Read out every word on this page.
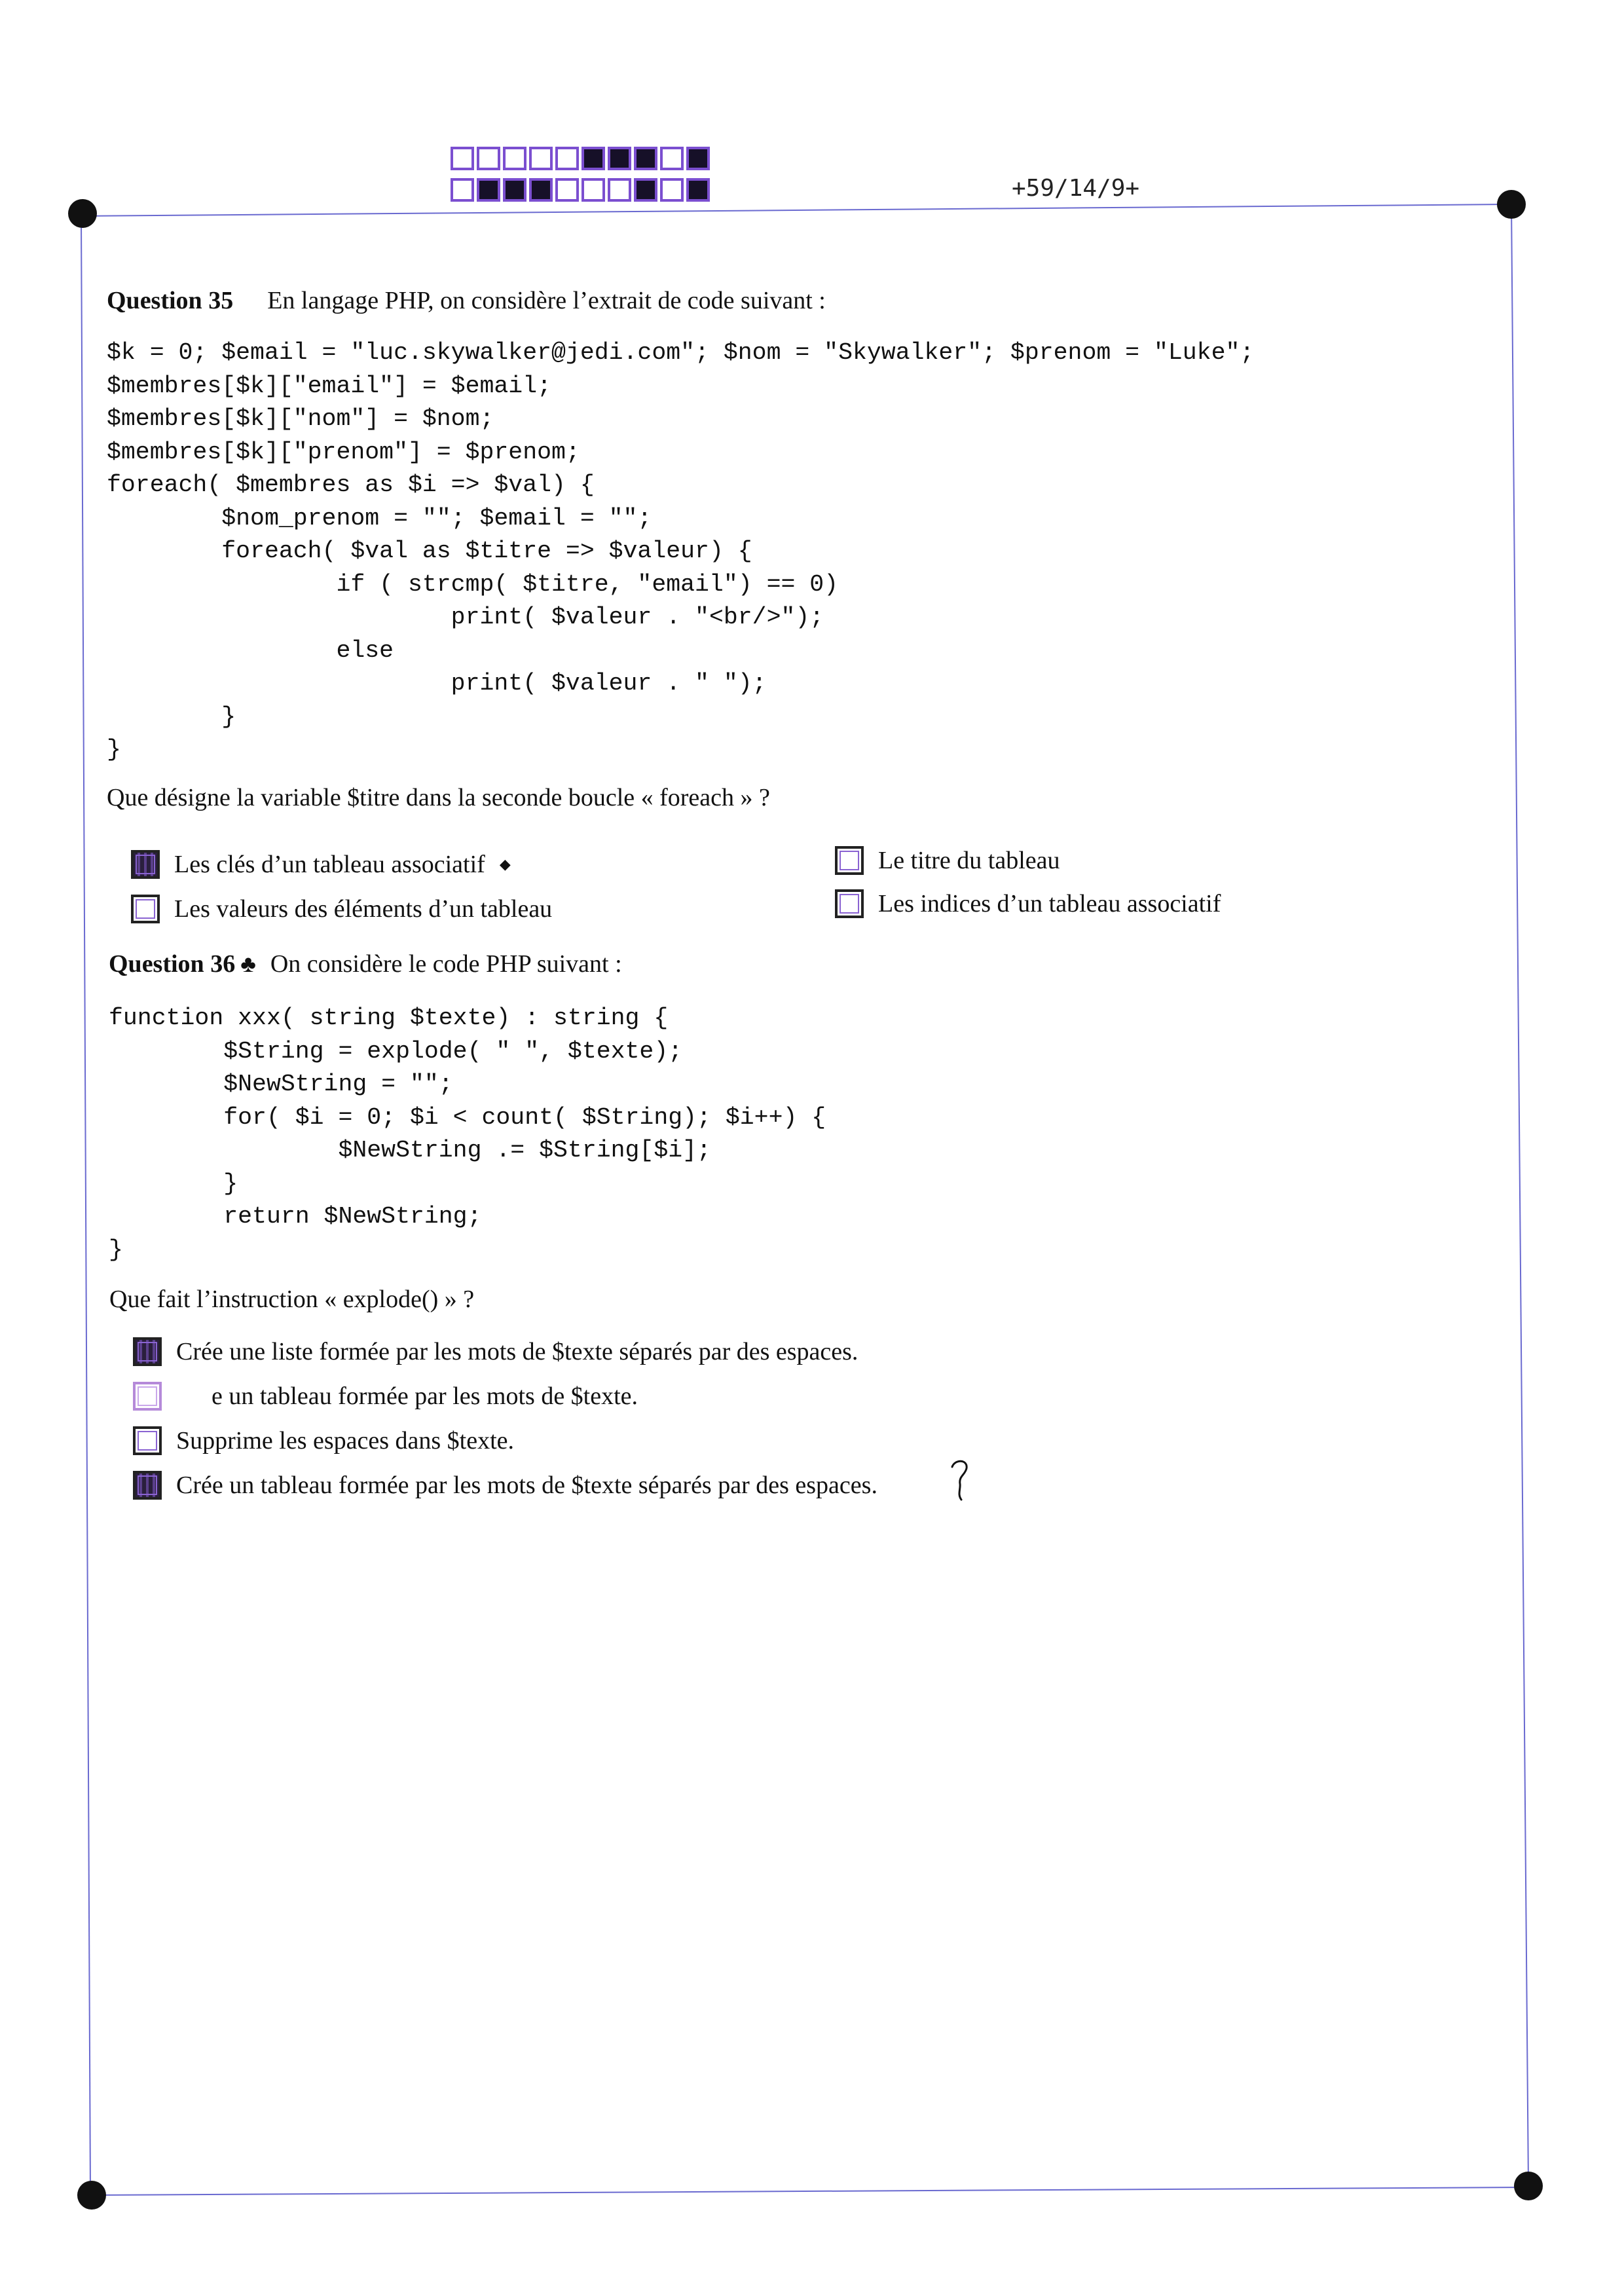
+59/14/9+
Question 35 En langage PHP, on considère l’extrait de code suivant :
$k = 0; $email = "luc.skywalker@jedi.com"; $nom = "Skywalker"; $prenom = "Luke";
$membres[$k]["email"] = $email;
$membres[$k]["nom"] = $nom;
$membres[$k]["prenom"] = $prenom;
foreach( $membres as $i => $val) {
$nom_prenom = ""; $email = "";
foreach( $val as $titre => $valeur) {
if ( strcmp( $titre, "email") == 0)
print( $valeur . "<br/>");
else
print( $valeur . " ");
}
}
Que désigne la variable $titre dans la seconde boucle « foreach » ?
Les clés d’un tableau associatif ◆	Le titre du tableau
Les valeurs des éléments d’un tableau	Les indices d’un tableau associatif
Question 36 ♣ On considère le code PHP suivant :
function xxx( string $texte) : string {
$String = explode( " ", $texte);
$NewString = "";
for( $i = 0; $i < count( $String); $i++) {
$NewString .= $String[$i];
}
return $NewString;
}
Que fait l’instruction « explode() » ?
Crée une liste formée par les mots de $texte séparés par des espaces.
e un tableau formée par les mots de $texte.
Supprime les espaces dans $texte.
Crée un tableau formée par les mots de $texte séparés par des espaces.
